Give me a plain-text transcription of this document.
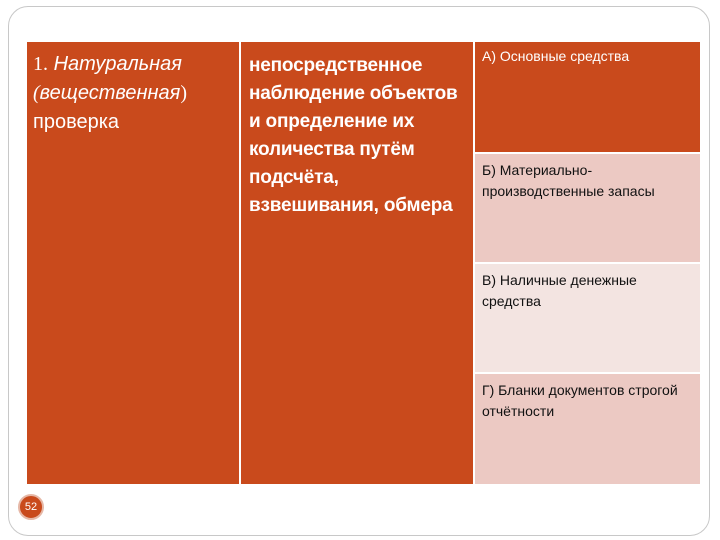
1. Натуральная
(вещественная)
проверка
непосредственное наблюдение объектов и определение их количества путём подсчёта, взвешивания, обмера
А) Основные средства
Б) Материально-производственные запасы
В) Наличные денежные средства
Г) Бланки документов строгой отчётности
52
